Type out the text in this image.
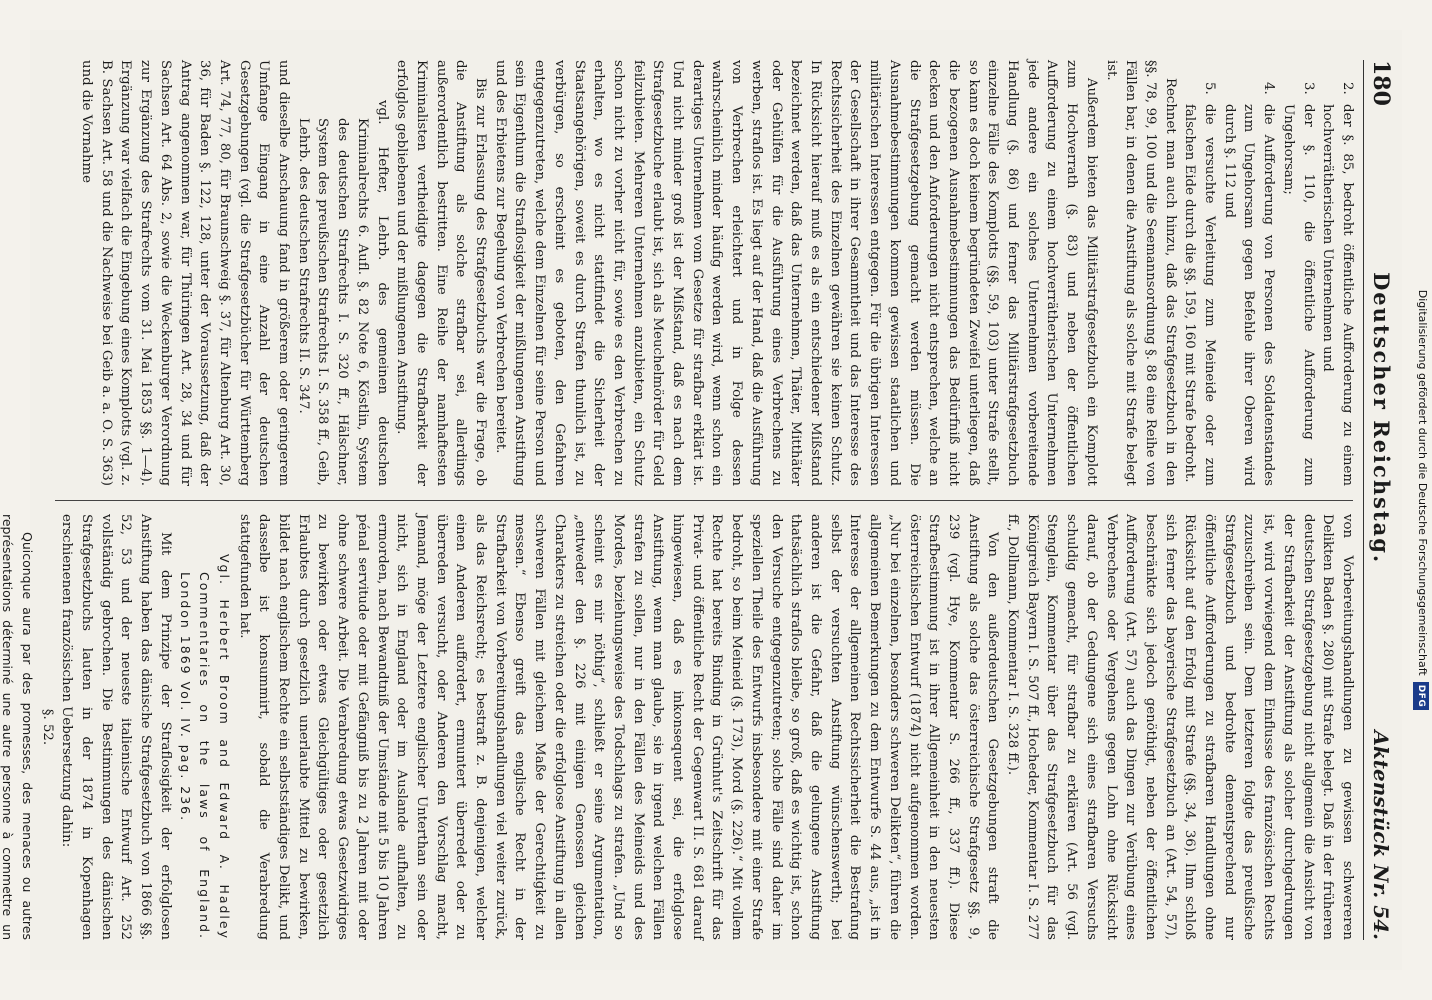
180
Deutscher Reichstag.
Aktenstück Nr. 54.
2.der §. 85, bedroht öffentliche Aufforderung zu einem hochverrätherischen Unternehmen und
3.der §. 110, die öffentliche Aufforderung zum Ungehorsam;
4.die Aufforderung von Personen des Soldatenstandes zum Ungehorsam gegen Befehle ihrer Oberen wird durch §. 112 und
5.die versuchte Verleitung zum Meineide oder zum falschen Eide durch die §§. 159, 160 mit Strafe bedroht.

Rechnet man auch hinzu, daß das Strafgesetzbuch in den §§. 78, 99, 100 und die Seemannsordnung §. 88 eine Reihe von Fällen bar, in denen die Anstiftung als solche mit Strafe belegt ist.

Außerdem bieten das Militärstrafgesetzbuch ein Komplott zum Hochverrath (§. 83) und neben der öffentlichen Aufforderung zu einem hochverrätherischen Unternehmen jede andere ein solches Unternehmen vorbereitende Handlung (§. 86) und ferner das Militärstrafgesetzbuch einzelne Fälle des Komplotts (§§. 59, 103) unter Strafe stellt, so kann es doch keinem begründeten Zweifel unterliegen, daß die bezogenen Ausnahmebestimmungen das Bedürfniß nicht decken und den Anforderungen nicht entsprechen, welche an die Strafgesetzgebung gemacht werden müssen. Die Ausnahmebestimmungen kommen gewissen staatlichen und militärischen Interessen entgegen. Für die übrigen Interessen der Gesellschaft in ihrer Gesammtheit und das Interesse des Rechtssicherheit des Einzelnen gewähren sie keinen Schutz. In Rücksicht hierauf muß es als ein entschiedener Mißstand bezeichnet werden, daß das Unternehmen, Thäter, Mitthäter oder Gehülfen für die Ausführung eines Verbrechens zu werben, straflos ist. Es liegt auf der Hand, daß die Ausführung von Verbrechen erleichtert und in Folge dessen wahrscheinlich minder häufig werden wird, wenn schon ein derartiges Unternehmen vom Gesetze für strafbar erklärt ist. Und nicht minder groß ist der Mißstand, daß es nach dem Strafgesetzbuche erlaubt ist, sich als Meuchelmörder für Geld feilzubieten. Mehreren Unternehmen anzubieten, ein Schutz schon nicht zu vorher nicht für, sowie es den Verbrechen zu erhalten, wo es nicht stattfindet die Sicherheit der Staatsangehörigen, soweit es durch Strafen thunlich ist, zu verbürgen, so erscheint es geboten, den Gefahren entgegenzutreten, welche dem Einzelnen für seine Person und sein Eigenthum die Straflosigkeit der mißlungenen Anstiftung und des Erbietens zur Begehung von Verbrechen bereitet.

Bis zur Erlassung des Strafgesetzbuchs war die Frage, ob die Anstiftung als solche strafbar sei, allerdings außerordentlich bestritten. Eine Reihe der namhaftesten Kriminalisten vertheidigte dagegen die Strafbarkeit der erfolglos gebliebenen und der mißlungenen Anstiftung.

vgl. Hefter, Lehrb. des gemeinen deutschen Kriminalrechts 6. Aufl. §. 82 Note 6, Köstlin, System des deutschen Strafrechts I. S. 320 ff., Hälschner, System des preußischen Strafrechts I. S. 358 ff., Geib, Lehrb. des deutschen Strafrechts II. S. 347.

und dieselbe Anschauung fand in größerem oder geringerem Umfange Eingang in eine Anzahl der deutschen Gesetzgebungen (vgl. die Strafgesetzbücher für Württemberg Art. 74, 77, 80, für Braunschweig §. 37, für Altenburg Art. 30, 36, für Baden §. 122, 128, unter der Voraussetzung, daß der Antrag angenommen war, für Thüringen Art. 28, 34 und für Sachsen Art. 64 Abs. 2, sowie die Weckenburger Verordnung zur Ergänzung des Strafrechts vom 31. Mai 1853 §§. 1—4). Ergänzung war vielfach die Eingebung eines Komplotts (vgl. z. B. Sachsen Art. 58 und die Nachweise bei Geib a. a. O. S. 363) und die Vornahme

von Vorbereitungshandlungen zu gewissen schwereren Delikten Baden §. 280) mit Strafe belegt. Daß in der früheren deutschen Strafgesetzgebung nicht allgemein die Ansicht von der Strafbarkeit der Anstiftung als solcher durchgedrungen ist, wird vorwiegend dem Einflusse des französischen Rechts zuzuschreiben sein. Dem letzteren folgte das preußische Strafgesetzbuch und bedrohte dementsprechend nur öffentliche Aufforderungen zu strafbaren Handlungen ohne Rücksicht auf den Erfolg mit Strafe (§§. 34, 36). Ihm schloß sich ferner das bayerische Strafgesetzbuch an (Art. 54, 57), beschränkte sich jedoch genöthigt, neben der öffentlichen Aufforderung (Art. 57) auch das Dingen zur Verübung eines Verbrechens oder Vergehens gegen Lohn ohne Rücksicht darauf, ob der Gedungene sich eines strafbaren Versuchs schuldig gemacht, für strafbar zu erklären (Art. 56 (vgl. Stenglein, Kommentar über das Strafgesetzbuch für das Königreich Bayern I. S. 507 ff., Hocheder, Kommentar I. S. 277 ff., Dollmann, Kommentar I. S. 328 ff.).

Von den außerdeutschen Gesetzgebungen straft die Anstiftung als solche das österreichische Strafgesetz §§. 9, 239 (vgl. Hye, Kommentar S. 266 ff., 337 ff.). Diese Strafbestimmung ist in ihrer Allgemeinheit in den neuesten österreichischen Entwurf (1874) nicht aufgenommen worden. „Nur bei einzelnen, besonders schweren Delikten“, führen die allgemeinen Bemerkungen zu dem Entwurfe S. 44 aus, „ist in Interesse der allgemeinen Rechtssicherheit die Bestrafung selbst der versuchten Anstiftung wünschenswerth; bei anderen ist die Gefahr, daß die gelungene Anstiftung thatsächlich straflos bleibe, so groß, daß es wichtig ist, schon den Versuche entgegenzutreten; solche Fälle sind daher im speziellen Theile des Entwurfs insbesondere mit einer Strafe bedroht, so beim Meineid (§. 173), Mord (§. 226).“ Mit vollem Rechte hat bereits Binding in Grünhut's Zeitschrift für das Privat- und öffentliche Recht der Gegenwart II. S. 681 darauf hingewiesen, daß es inkonsequent sei, die erfolglose Anstiftung, wenn man glaube, sie in irgend welchen Fällen strafen zu sollen, nur in den Fällen des Meineids und des Mordes, beziehungsweise des Todschlags zu strafen. „Und so scheint es mir nöthig“, schließt er seine Argumentation, „entweder den §. 226 mit einigen Genossen gleichen Charakters zu streichen oder die erfolglose Anstiftung in allen schweren Fällen mit gleichem Maße der Gerechtigkeit zu messen.“ Ebenso greift das englische Recht in der Strafbarkeit von Vorbereitungshandlungen viel weiter zurück, als das Reichsrecht; es bestraft z. B. denjenigen, welcher einen Anderen auffordert, ermuntert überredet oder zu überreden versucht, oder Anderen den Vorschlag macht, Jemand, möge der Letztere englischer Unterthan sein oder nicht, sich in England oder im Auslande aufhalten, zu ermorden, nach Bewandtniß der Umstände mit 5 bis 10 Jahren pénal servitude oder mit Gefängniß bis zu 2 Jahren mit oder ohne schwere Arbeit. Die Verabredung etwas Gesetzwidriges zu bewirken oder etwas Gleichgültiges oder gesetzlich Erlaubtes durch gesetzlich unerlaubte Mittel zu bewirken, bildet nach englischem Rechte ein selbstständiges Delikt, und dasselbe ist konsummirt, sobald die Verabredung stattgefunden hat.

Vgl. Herbert Broom and Edward A. Hadley Commentaries on the laws of England. London 1869 Vol. IV. pag. 236.

Mit dem Prinzipe der Straflosigkeit der erfolglosen Anstiftung haben das dänische Strafgesetzbuch von 1866 §§. 52, 53 und der neueste italienische Entwurf Art. 252 vollständig gebrochen. Die Bestimmungen des dänischen Strafgesetzbuchs lauten in der 1874 in Kopenhagen erschienenen französischen Uebersetzung dahin:

§. 52.

Quiconque aura par des promesses, des menaces ou autres représentations déterminé une autre personne à commettre un

Digitalisierung gefördert durch die Deutsche ForschungsgemeinschaftDFG
